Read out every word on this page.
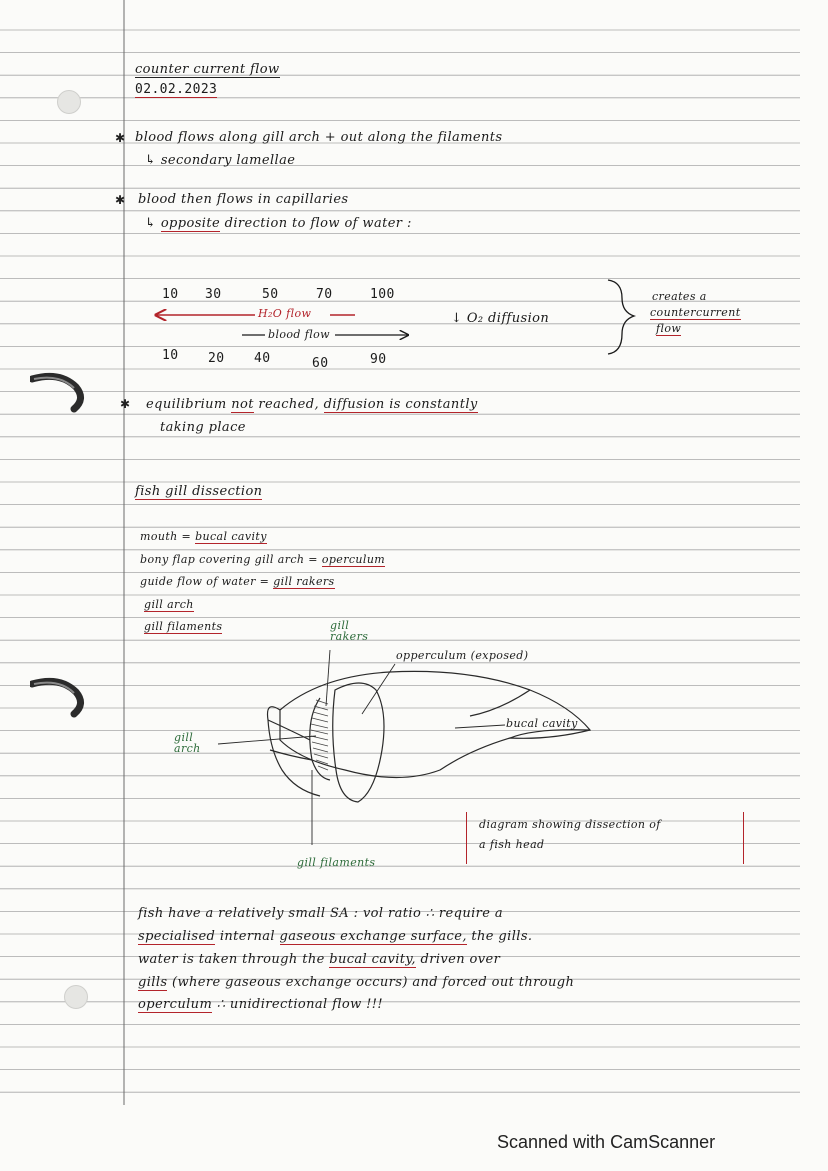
counter current flow
02.02.2023
✱ blood flows along gill arch + out along the filaments
↳ secondary lamellae
✱ blood then flows in capillaries
↳ opposite direction to flow of water :
10 30	50	70	100
H₂O flow
blood flow
10 20 40	60	90
↓ O₂ diffusion
creates a
countercurrent
flow
✱ equilibrium not reached, diffusion is constantly
taking place
fish gill dissection
mouth = bucal cavity
bony flap covering gill arch = operculum
guide flow of water = gill rakers
gill arch
gill filaments	gill
rakers
opperculum (exposed)
bucal cavity
gill
arch
gill filaments
diagram showing dissection of
a fish head
fish have a relatively small SA : vol ratio ∴ require a
specialised internal gaseous exchange surface, the gills.
water is taken through the bucal cavity, driven over
gills (where gaseous exchange occurs) and forced out through
operculum ∴ unidirectional flow !!!
Scanned with CamScanner
